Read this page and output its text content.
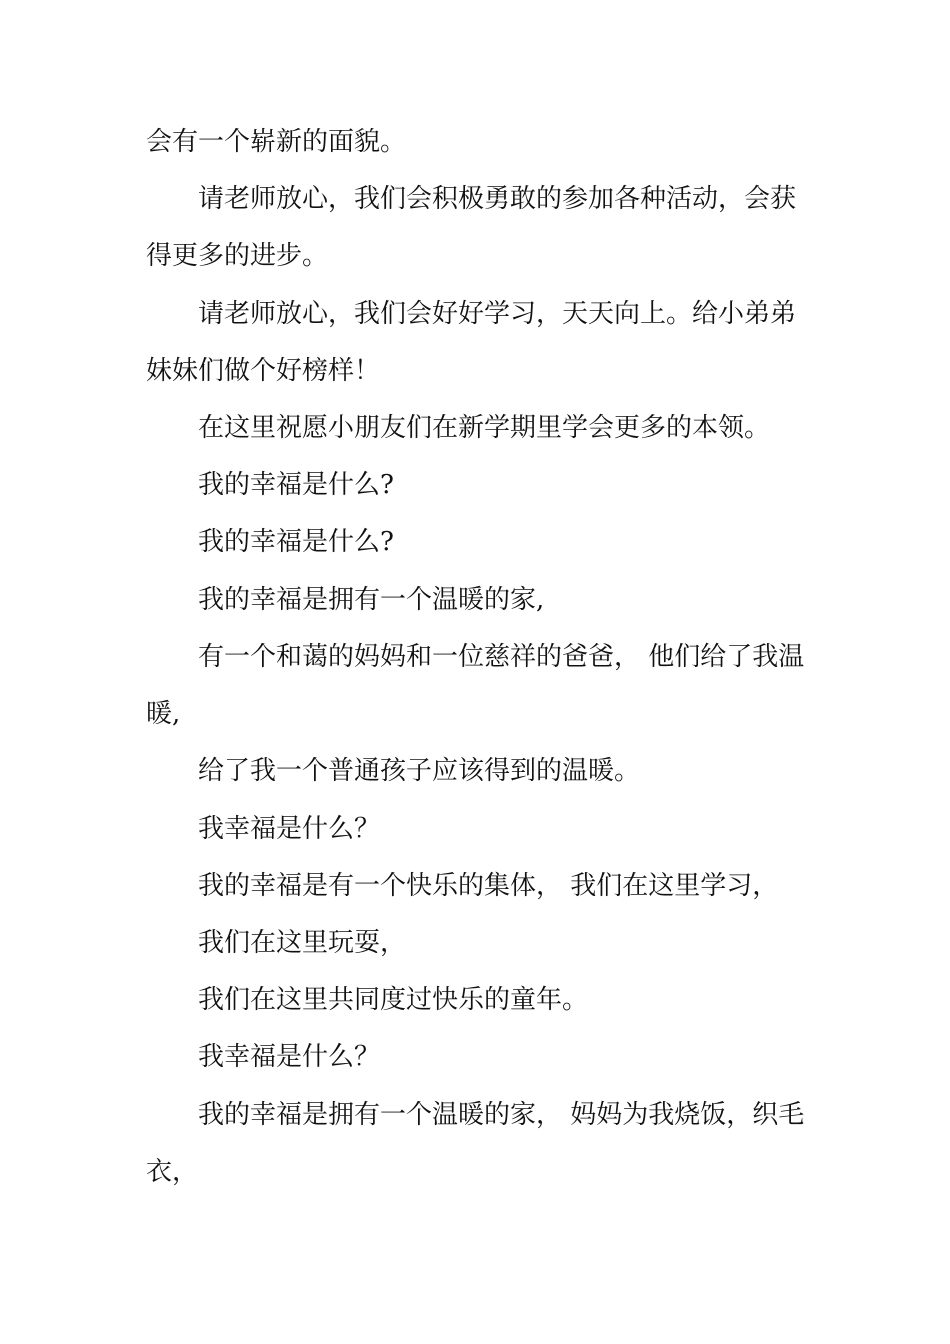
会有一个崭新的面貌。

请老师放心，我们会积极勇敢的参加各种活动，会获

得更多的进步。

请老师放心，我们会好好学习，天天向上。给小弟弟

妹妹们做个好榜样！

在这里祝愿小朋友们在新学期里学会更多的本领。

我的幸福是什么?

我的幸福是什么?

我的幸福是拥有一个温暖的家,

有一个和蔼的妈妈和一位慈祥的爸爸， 他们给了我温

暖,

给了我一个普通孩子应该得到的温暖。

我幸福是什么？

我的幸福是有一个快乐的集体， 我们在这里学习，

我们在这里玩耍，

我们在这里共同度过快乐的童年。

我幸福是什么？

我的幸福是拥有一个温暖的家， 妈妈为我烧饭，织毛

衣，
